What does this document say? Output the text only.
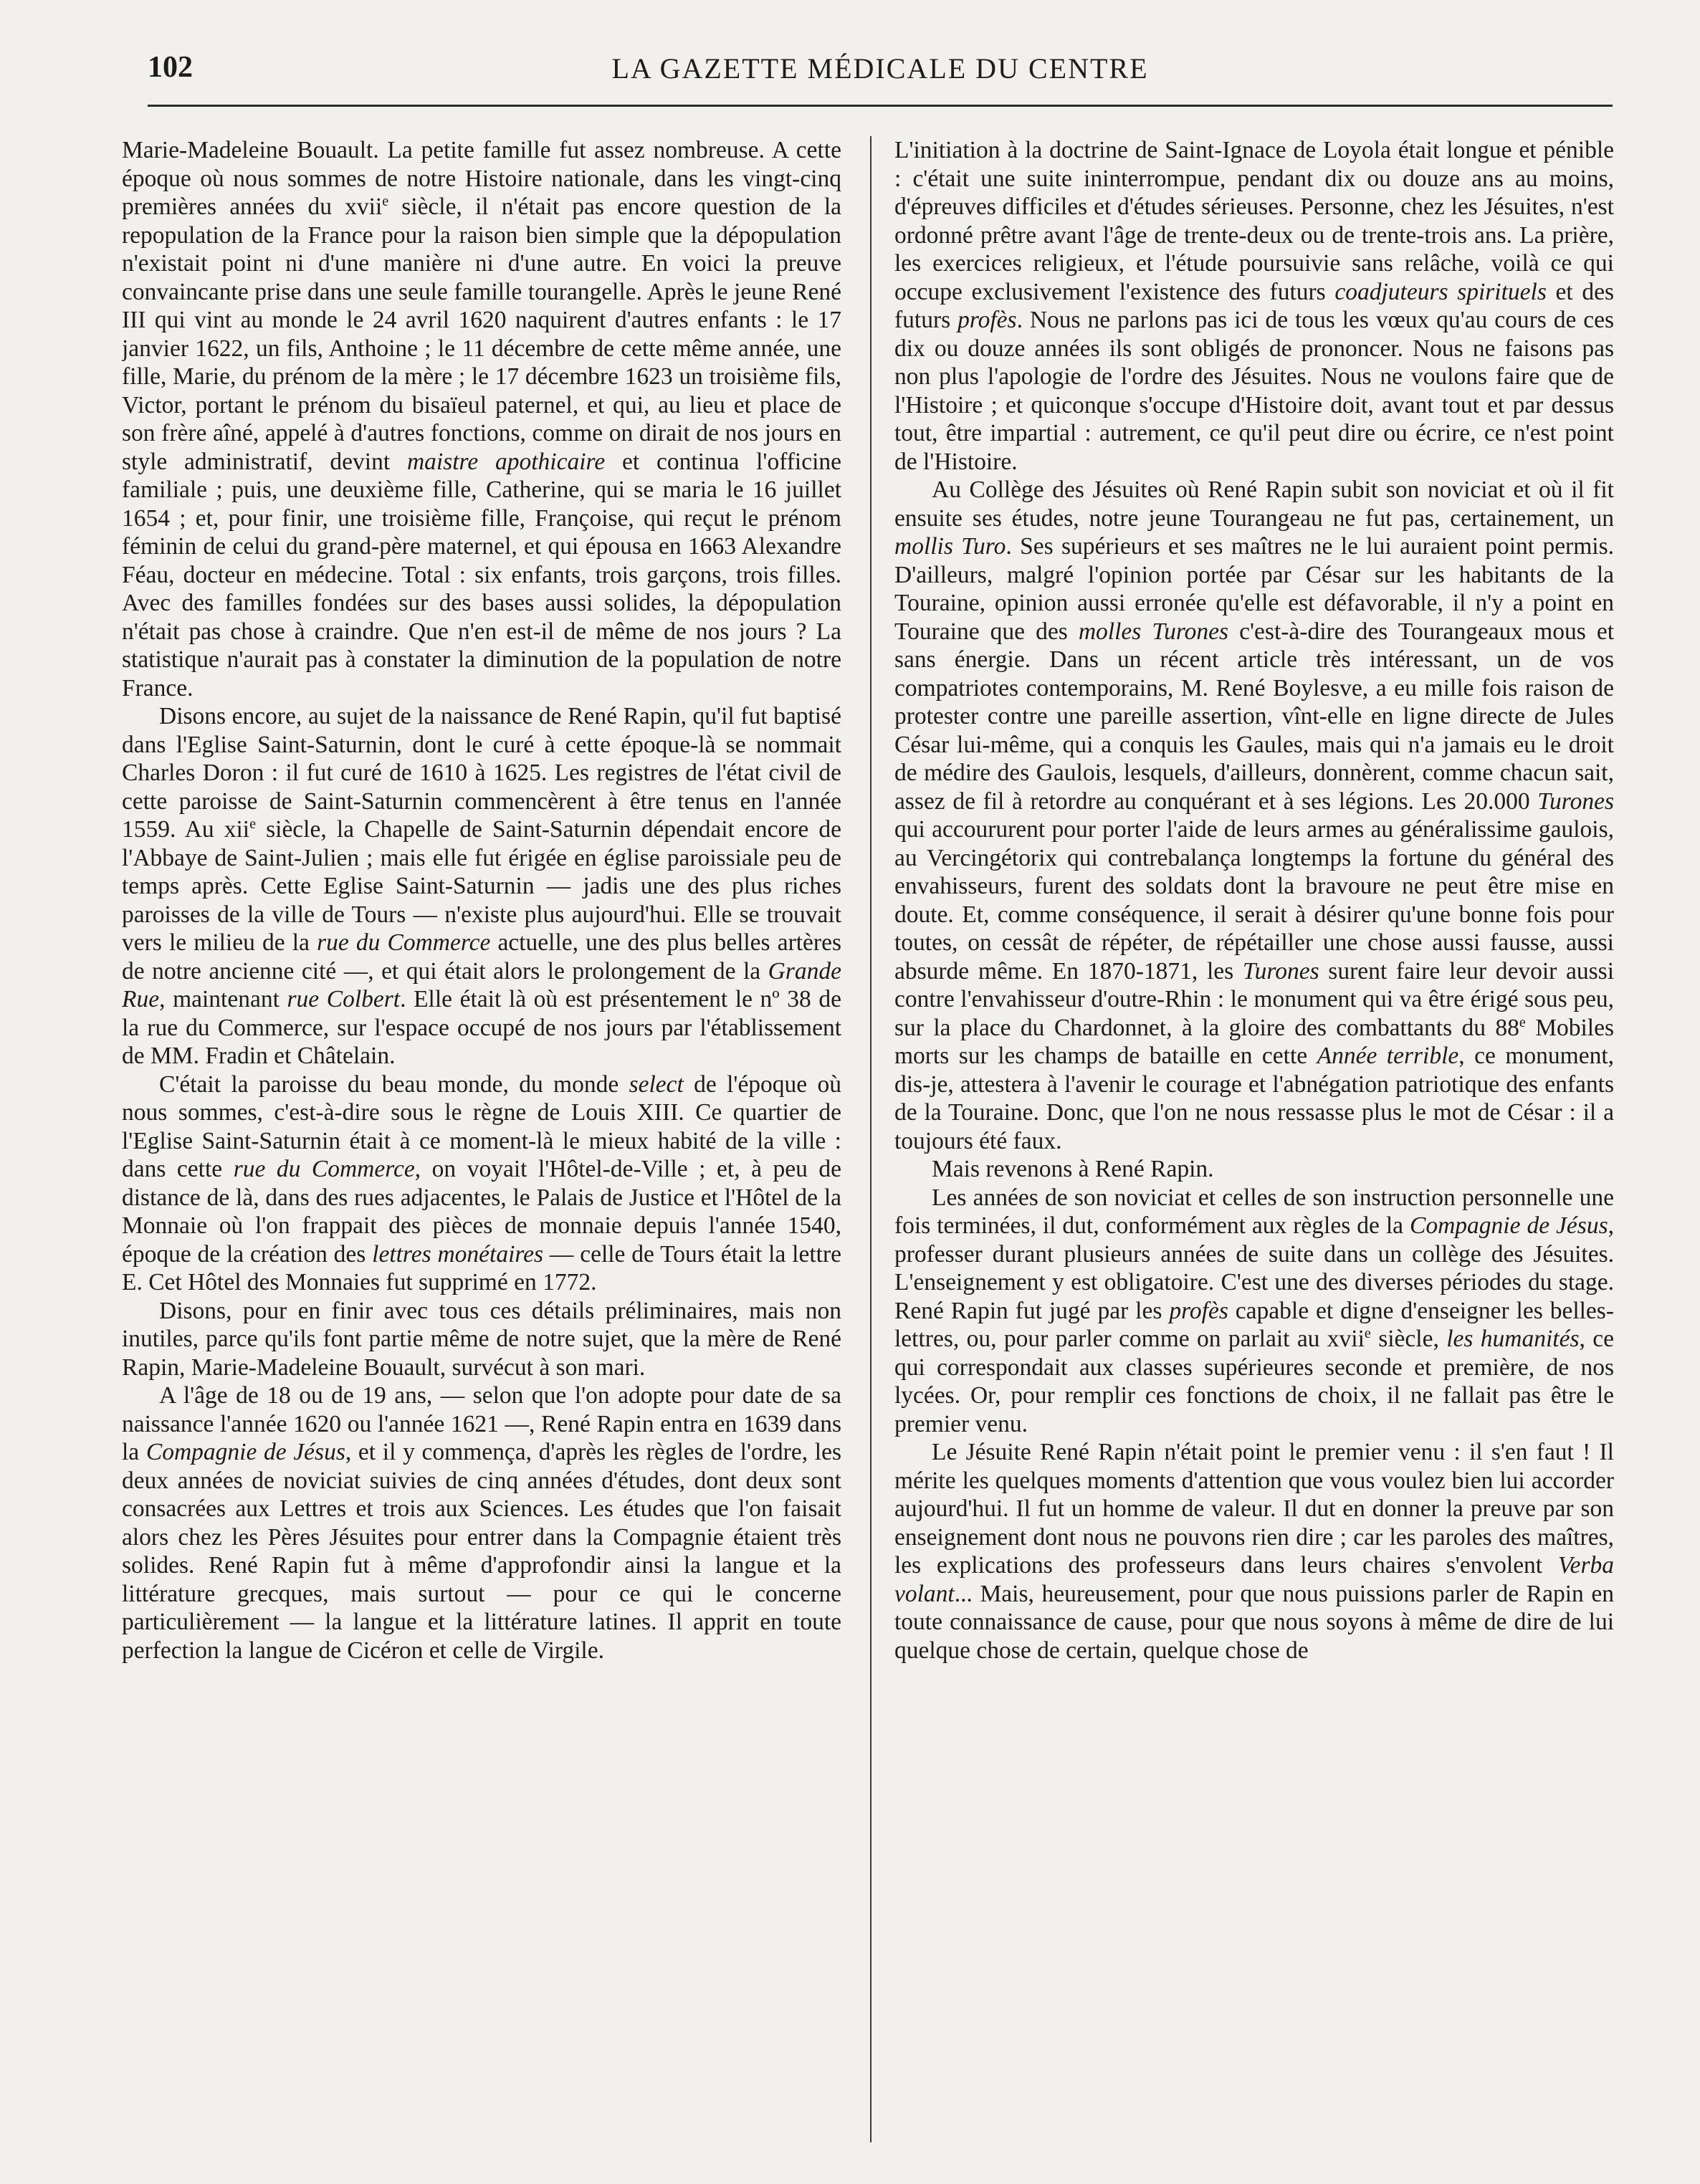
102	LA GAZETTE MÉDICALE DU CENTRE

Marie-Madeleine Bouault. La petite famille fut assez nombreuse. A cette époque où nous sommes de notre Histoire nationale, dans les vingt-cinq premières années du xvii$^e$ siècle, il n'était pas encore question de la repopulation de la France pour la raison bien simple que la dépopulation n'existait point ni d'une manière ni d'une autre. En voici la preuve convaincante prise dans une seule famille tourangelle. Après le jeune René III qui vint au monde le 24 avril 1620 naquirent d'autres enfants : le 17 janvier 1622, un fils, Anthoine ; le 11 décembre de cette même année, une fille, Marie, du prénom de la mère ; le 17 décembre 1623 un troisième fils, Victor, portant le prénom du bisaïeul paternel, et qui, au lieu et place de son frère aîné, appelé à d'autres fonctions, comme on dirait de nos jours en style administratif, devint maistre apothicaire et continua l'officine familiale ; puis, une deuxième fille, Catherine, qui se maria le 16 juillet 1654 ; et, pour finir, une troisième fille, Françoise, qui reçut le prénom féminin de celui du grand-père maternel, et qui épousa en 1663 Alexandre Féau, docteur en médecine. Total : six enfants, trois garçons, trois filles. Avec des familles fondées sur des bases aussi solides, la dépopulation n'était pas chose à craindre. Que n'en est-il de même de nos jours ? La statistique n'aurait pas à constater la diminution de la population de notre France.

Disons encore, au sujet de la naissance de René Rapin, qu'il fut baptisé dans l'Eglise Saint-Saturnin, dont le curé à cette époque-là se nommait Charles Doron : il fut curé de 1610 à 1625. Les registres de l'état civil de cette paroisse de Saint-Saturnin commencèrent à être tenus en l'année 1559. Au xii$^e$ siècle, la Chapelle de Saint-Saturnin dépendait encore de l'Abbaye de Saint-Julien ; mais elle fut érigée en église paroissiale peu de temps après. Cette Eglise Saint-Saturnin — jadis une des plus riches paroisses de la ville de Tours — n'existe plus aujourd'hui. Elle se trouvait vers le milieu de la rue du Commerce actuelle, une des plus belles artères de notre ancienne cité —, et qui était alors le prolongement de la Grande Rue, maintenant rue Colbert. Elle était là où est présentement le nº 38 de la rue du Commerce, sur l'espace occupé de nos jours par l'établissement de MM. Fradin et Châtelain.

C'était la paroisse du beau monde, du monde select de l'époque où nous sommes, c'est-à-dire sous le règne de Louis XIII. Ce quartier de l'Eglise Saint-Saturnin était à ce moment-là le mieux habité de la ville : dans cette rue du Commerce, on voyait l'Hôtel-de-Ville ; et, à peu de distance de là, dans des rues adjacentes, le Palais de Justice et l'Hôtel de la Monnaie où l'on frappait des pièces de monnaie depuis l'année 1540, époque de la création des lettres monétaires — celle de Tours était la lettre E. Cet Hôtel des Monnaies fut supprimé en 1772.

Disons, pour en finir avec tous ces détails préliminaires, mais non inutiles, parce qu'ils font partie même de notre sujet, que la mère de René Rapin, Marie-Madeleine Bouault, survécut à son mari.

A l'âge de 18 ou de 19 ans, — selon que l'on adopte pour date de sa naissance l'année 1620 ou l'année 1621 —, René Rapin entra en 1639 dans la Compagnie de Jésus, et il y commença, d'après les règles de l'ordre, les deux années de noviciat suivies de cinq années d'études, dont deux sont consacrées aux Lettres et trois aux Sciences. Les études que l'on faisait alors chez les Pères Jésuites pour entrer dans la Compagnie étaient très solides. René Rapin fut à même d'approfondir ainsi la langue et la littérature grecques, mais surtout — pour ce qui le concerne particulièrement — la langue et la littérature latines. Il apprit en toute perfection la langue de Cicéron et celle de Virgile.

L'initiation à la doctrine de Saint-Ignace de Loyola était longue et pénible : c'était une suite ininterrompue, pendant dix ou douze ans au moins, d'épreuves difficiles et d'études sérieuses. Personne, chez les Jésuites, n'est ordonné prêtre avant l'âge de trente-deux ou de trente-trois ans. La prière, les exercices religieux, et l'étude poursuivie sans relâche, voilà ce qui occupe exclusivement l'existence des futurs coadjuteurs spirituels et des futurs profès. Nous ne parlons pas ici de tous les vœux qu'au cours de ces dix ou douze années ils sont obligés de prononcer. Nous ne faisons pas non plus l'apologie de l'ordre des Jésuites. Nous ne voulons faire que de l'Histoire ; et quiconque s'occupe d'Histoire doit, avant tout et par dessus tout, être impartial : autrement, ce qu'il peut dire ou écrire, ce n'est point de l'Histoire.

Au Collège des Jésuites où René Rapin subit son noviciat et où il fit ensuite ses études, notre jeune Tourangeau ne fut pas, certainement, un mollis Turo. Ses supérieurs et ses maîtres ne le lui auraient point permis. D'ailleurs, malgré l'opinion portée par César sur les habitants de la Touraine, opinion aussi erronée qu'elle est défavorable, il n'y a point en Touraine que des molles Turones c'est-à-dire des Tourangeaux mous et sans énergie. Dans un récent article très intéressant, un de vos compatriotes contemporains, M. René Boylesve, a eu mille fois raison de protester contre une pareille assertion, vînt-elle en ligne directe de Jules César lui-même, qui a conquis les Gaules, mais qui n'a jamais eu le droit de médire des Gaulois, lesquels, d'ailleurs, donnèrent, comme chacun sait, assez de fil à retordre au conquérant et à ses légions. Les 20.000 Turones qui accoururent pour porter l'aide de leurs armes au généralissime gaulois, au Vercingétorix qui contrebalança longtemps la fortune du général des envahisseurs, furent des soldats dont la bravoure ne peut être mise en doute. Et, comme conséquence, il serait à désirer qu'une bonne fois pour toutes, on cessât de répéter, de répétailler une chose aussi fausse, aussi absurde même. En 1870-1871, les Turones surent faire leur devoir aussi contre l'envahisseur d'outre-Rhin : le monument qui va être érigé sous peu, sur la place du Chardonnet, à la gloire des combattants du 88e Mobiles morts sur les champs de bataille en cette Année terrible, ce monument, dis-je, attestera à l'avenir le courage et l'abnégation patriotique des enfants de la Touraine. Donc, que l'on ne nous ressasse plus le mot de César : il a toujours été faux.

Mais revenons à René Rapin.

Les années de son noviciat et celles de son instruction personnelle une fois terminées, il dut, conformément aux règles de la Compagnie de Jésus, professer durant plusieurs années de suite dans un collège des Jésuites. L'enseignement y est obligatoire. C'est une des diverses périodes du stage. René Rapin fut jugé par les profès capable et digne d'enseigner les belles-lettres, ou, pour parler comme on parlait au xvii$^e$ siècle, les humanités, ce qui correspondait aux classes supérieures seconde et première, de nos lycées. Or, pour remplir ces fonctions de choix, il ne fallait pas être le premier venu.

Le Jésuite René Rapin n'était point le premier venu : il s'en faut ! Il mérite les quelques moments d'attention que vous voulez bien lui accorder aujourd'hui. Il fut un homme de valeur. Il dut en donner la preuve par son enseignement dont nous ne pouvons rien dire ; car les paroles des maîtres, les explications des professeurs dans leurs chaires s'envolent Verba volant... Mais, heureusement, pour que nous puissions parler de Rapin en toute connaissance de cause, pour que nous soyons à même de dire de lui quelque chose de certain, quelque chose de
